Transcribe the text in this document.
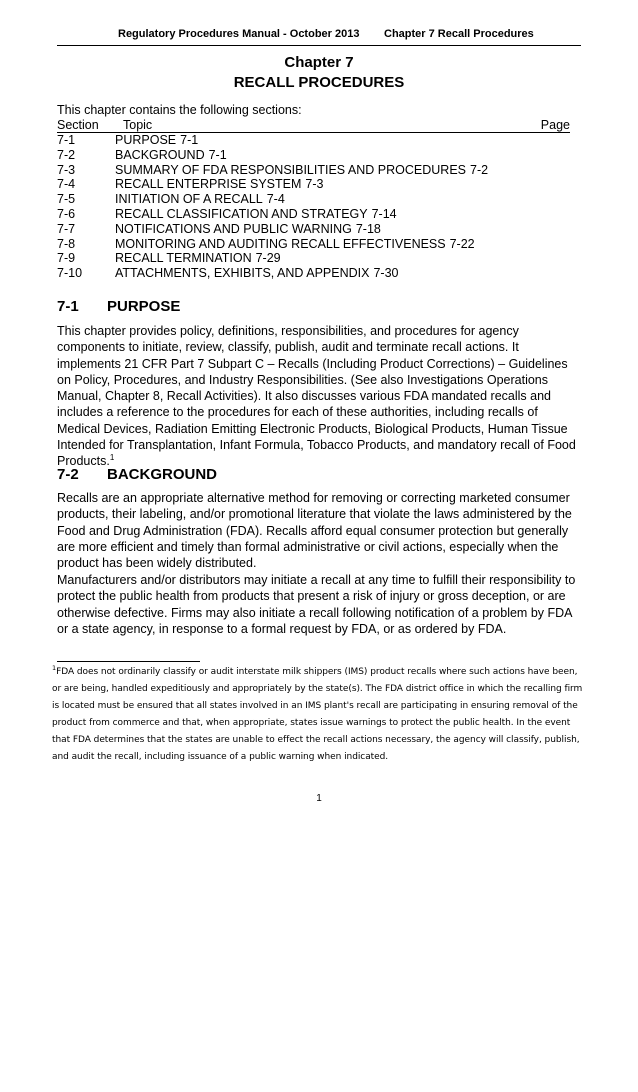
Regulatory Procedures Manual - October 2013 Chapter 7 Recall Procedures
Chapter 7
RECALL PROCEDURES
This chapter contains the following sections:
Section Topic	Page
7-1	PURPOSE 7-1
7-2	BACKGROUND 7-1
7-3	SUMMARY OF FDA RESPONSIBILITIES AND PROCEDURES 7-2
7-4	RECALL ENTERPRISE SYSTEM 7-3
7-5	INITIATION OF A RECALL 7-4
7-6	RECALL CLASSIFICATION AND STRATEGY 7-14
7-7	NOTIFICATIONS AND PUBLIC WARNING 7-18
7-8	MONITORING AND AUDITING RECALL EFFECTIVENESS 7-22
7-9	RECALL TERMINATION 7-29
7-10	ATTACHMENTS, EXHIBITS, AND APPENDIX 7-30
7-1 PURPOSE

This chapter provides policy, definitions, responsibilities, and procedures for agency components to initiate, review, classify, publish, audit and terminate recall actions. It implements 21 CFR Part 7 Subpart C – Recalls (Including Product Corrections) – Guidelines on Policy, Procedures, and Industry Responsibilities. (See also Investigations Operations Manual, Chapter 8, Recall Activities). It also discusses various FDA mandated recalls and includes a reference to the procedures for each of these authorities, including recalls of Medical Devices, Radiation Emitting Electronic Products, Biological Products, Human Tissue Intended for Transplantation, Infant Formula, Tobacco Products, and mandatory recall of Food Products.$^1$

7-2 BACKGROUND

Recalls are an appropriate alternative method for removing or correcting marketed consumer products, their labeling, and/or promotional literature that violate the laws administered by the Food and Drug Administration (FDA). Recalls afford equal consumer protection but generally are more efficient and timely than formal administrative or civil actions, especially when the product has been widely distributed.

Manufacturers and/or distributors may initiate a recall at any time to fulfill their responsibility to protect the public health from products that present a risk of injury or gross deception, or are otherwise defective. Firms may also initiate a recall following notification of a problem by FDA or a state agency, in response to a formal request by FDA, or as ordered by FDA.

$^1$FDA does not ordinarily classify or audit interstate milk shippers (IMS) product recalls where such actions have been, or are being, handled expeditiously and appropriately by the state(s). The FDA district office in which the recalling firm is located must be ensured that all states involved in an IMS plant's recall are participating in ensuring removal of the product from commerce and that, when appropriate, states issue warnings to protect the public health. In the event that FDA determines that the states are unable to effect the recall actions necessary, the agency will classify, publish, and audit the recall, including issuance of a public warning when indicated.

1
